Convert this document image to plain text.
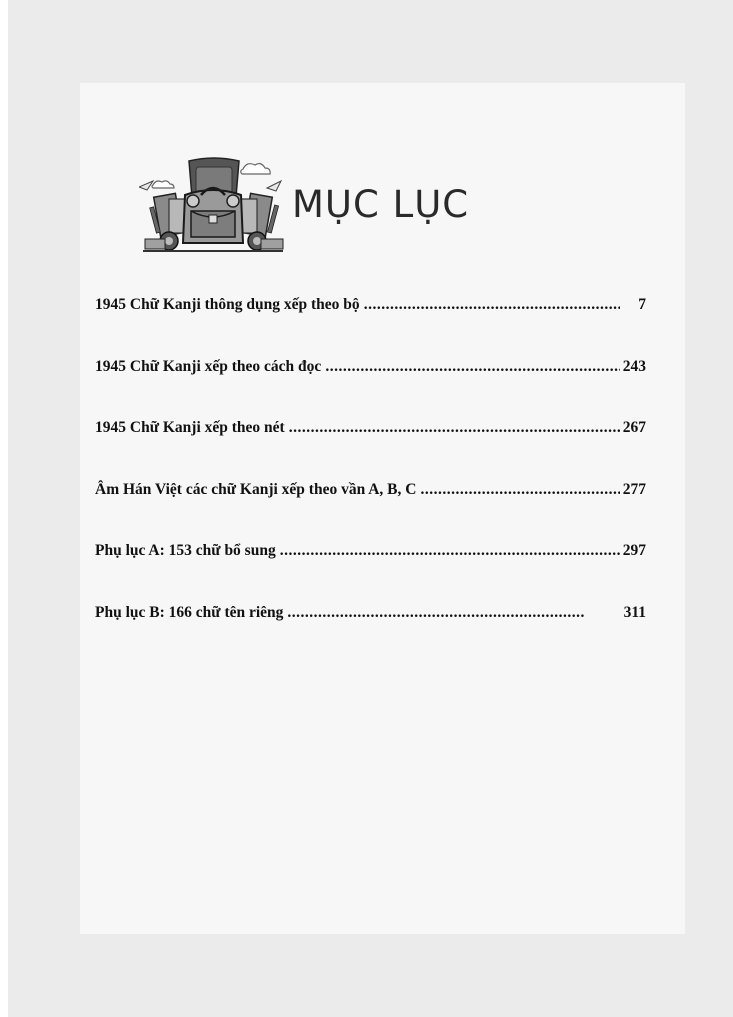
MỤC LỤC
1945 Chữ Kanji thông dụng xếp theo bộ .....	7
1945 Chữ Kanji xếp theo cách đọc .....	243
1945 Chữ Kanji xếp theo nét .....	267
Âm Hán Việt các chữ Kanji xếp theo vần A, B, C .....	277
Phụ lục A: 153 chữ bổ sung .....	297
Phụ lục B: 166 chữ tên riêng .....	311
